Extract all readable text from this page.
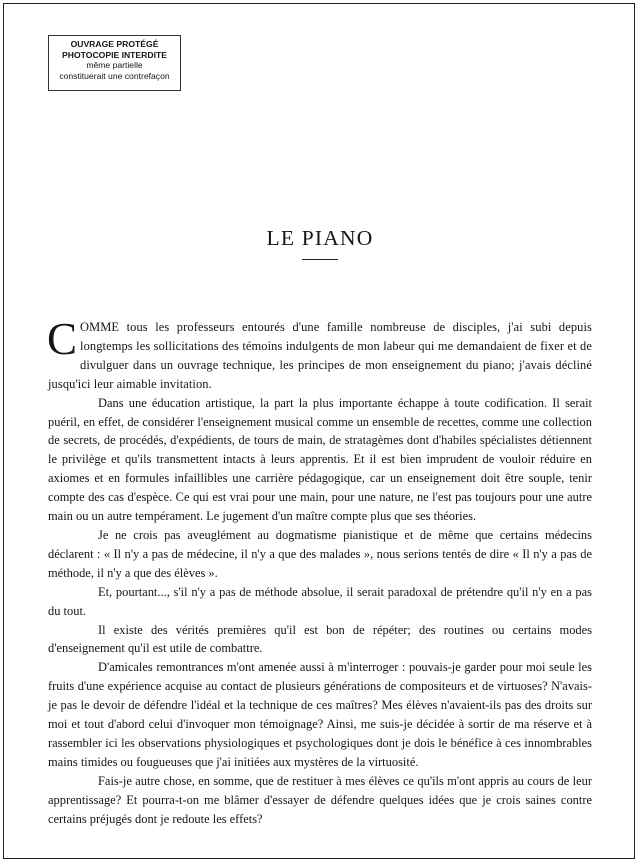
OUVRAGE PROTÉGÉ
PHOTOCOPIE INTERDITE
même partielle
constituerait une contrefaçon
LE PIANO

COMME tous les professeurs entourés d'une famille nombreuse de disciples, j'ai subi depuis longtemps les sollicitations des témoins indulgents de mon labeur qui me demandaient de fixer et de divulguer dans un ouvrage technique, les principes de mon enseignement du piano; j'avais décliné jusqu'ici leur aimable invitation.

Dans une éducation artistique, la part la plus importante échappe à toute codification. Il serait puéril, en effet, de considérer l'enseignement musical comme un ensemble de recettes, comme une collection de secrets, de procédés, d'expédients, de tours de main, de stratagèmes dont d'habiles spécialistes détiennent le privilège et qu'ils transmettent intacts à leurs apprentis. Et il est bien imprudent de vouloir réduire en axiomes et en formules infaillibles une carrière pédagogique, car un enseignement doit être souple, tenir compte des cas d'espèce. Ce qui est vrai pour une main, pour une nature, ne l'est pas toujours pour une autre main ou un autre tempérament. Le jugement d'un maître compte plus que ses théories.

Je ne crois pas aveuglément au dogmatisme pianistique et de même que certains médecins déclarent : « Il n'y a pas de médecine, il n'y a que des malades », nous serions tentés de dire « Il n'y a pas de méthode, il n'y a que des élèves ».

Et, pourtant..., s'il n'y a pas de méthode absolue, il serait paradoxal de prétendre qu'il n'y en a pas du tout.

Il existe des vérités premières qu'il est bon de répéter; des routines ou certains modes d'enseignement qu'il est utile de combattre.

D'amicales remontrances m'ont amenée aussi à m'interroger : pouvais-je garder pour moi seule les fruits d'une expérience acquise au contact de plusieurs générations de compositeurs et de virtuoses? N'avais-je pas le devoir de défendre l'idéal et la technique de ces maîtres? Mes élèves n'avaient-ils pas des droits sur moi et tout d'abord celui d'invoquer mon témoignage? Ainsi, me suis-je décidée à sortir de ma réserve et à rassembler ici les observations physiologiques et psychologiques dont je dois le bénéfice à ces innombrables mains timides ou fougueuses que j'ai initiées aux mystères de la virtuosité.

Fais-je autre chose, en somme, que de restituer à mes élèves ce qu'ils m'ont appris au cours de leur apprentissage? Et pourra-t-on me blâmer d'essayer de défendre quelques idées que je crois saines contre certains préjugés dont je redoute les effets?
